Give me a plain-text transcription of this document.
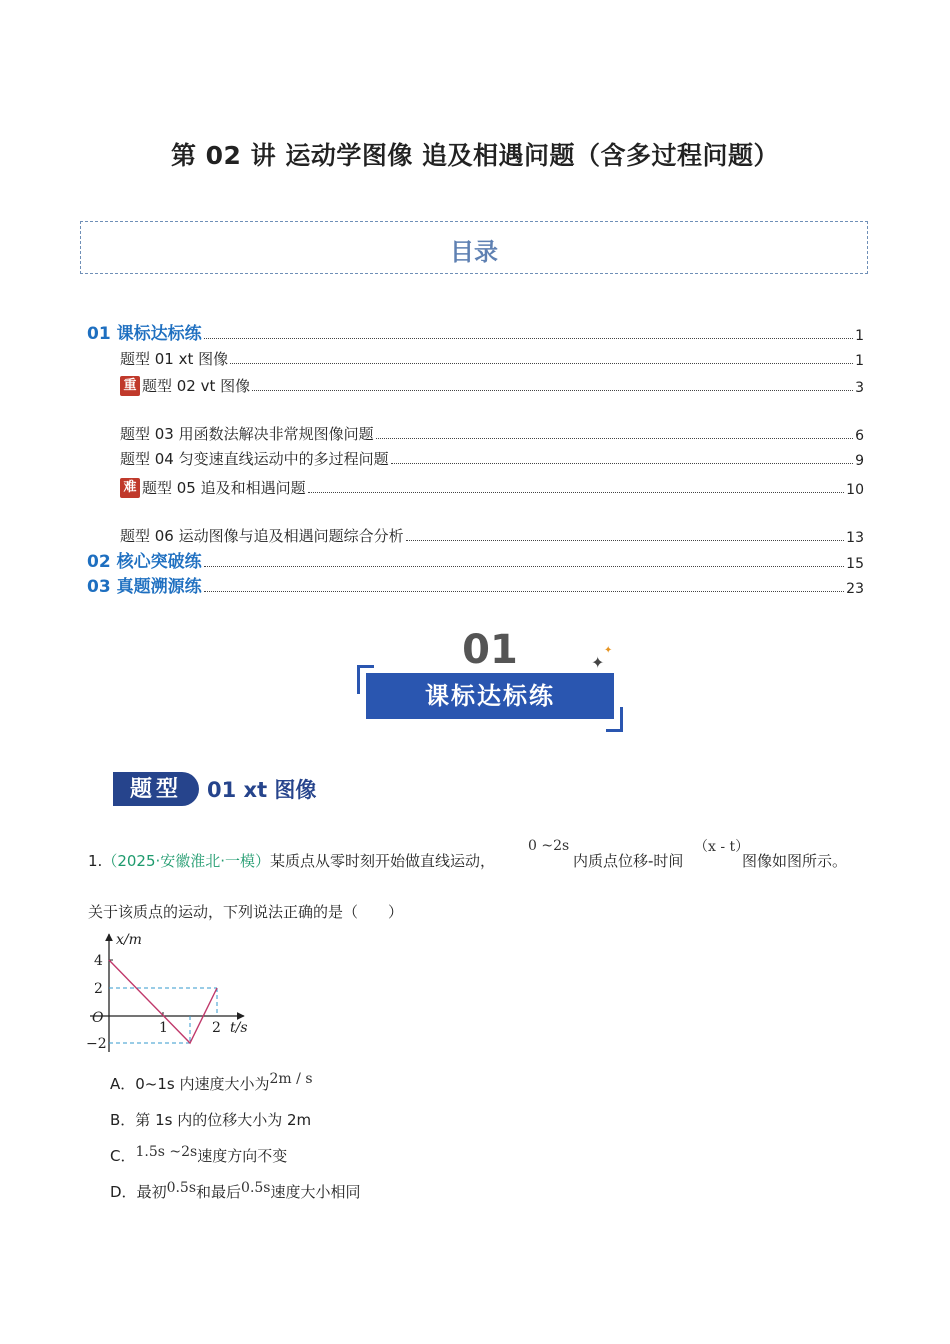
第 02 讲 运动学图像 追及相遇问题（含多过程问题）
目录
01 课标达标练	1
题型 01 xt 图像	1
重 题型 02 vt 图像	3
题型 03 用函数法解决非常规图像问题	6
题型 04 匀变速直线运动中的多过程问题	9
难 题型 05 追及和相遇问题	10
题型 06 运动图像与追及相遇问题综合分析	13
02 核心突破练	15
03 真题溯源练	23
01	✦
✦
课标达标练
题型	01 xt 图像
1.（2025·安徽淮北·一模）某质点从零时刻开始做直线运动，
0 ~2s
内质点位移-时间
（x - t）
图像如图所示。
关于该质点的运动，下列说法正确的是（　　）
x/m
t/s
O
4
2
−2
1	2
A．0~1s 内速度大小为2m / s
B．第 1s 内的位移大小为 2m
C．1.5s ~2s速度方向不变
D．最初0.5s和最后0.5s速度大小相同
